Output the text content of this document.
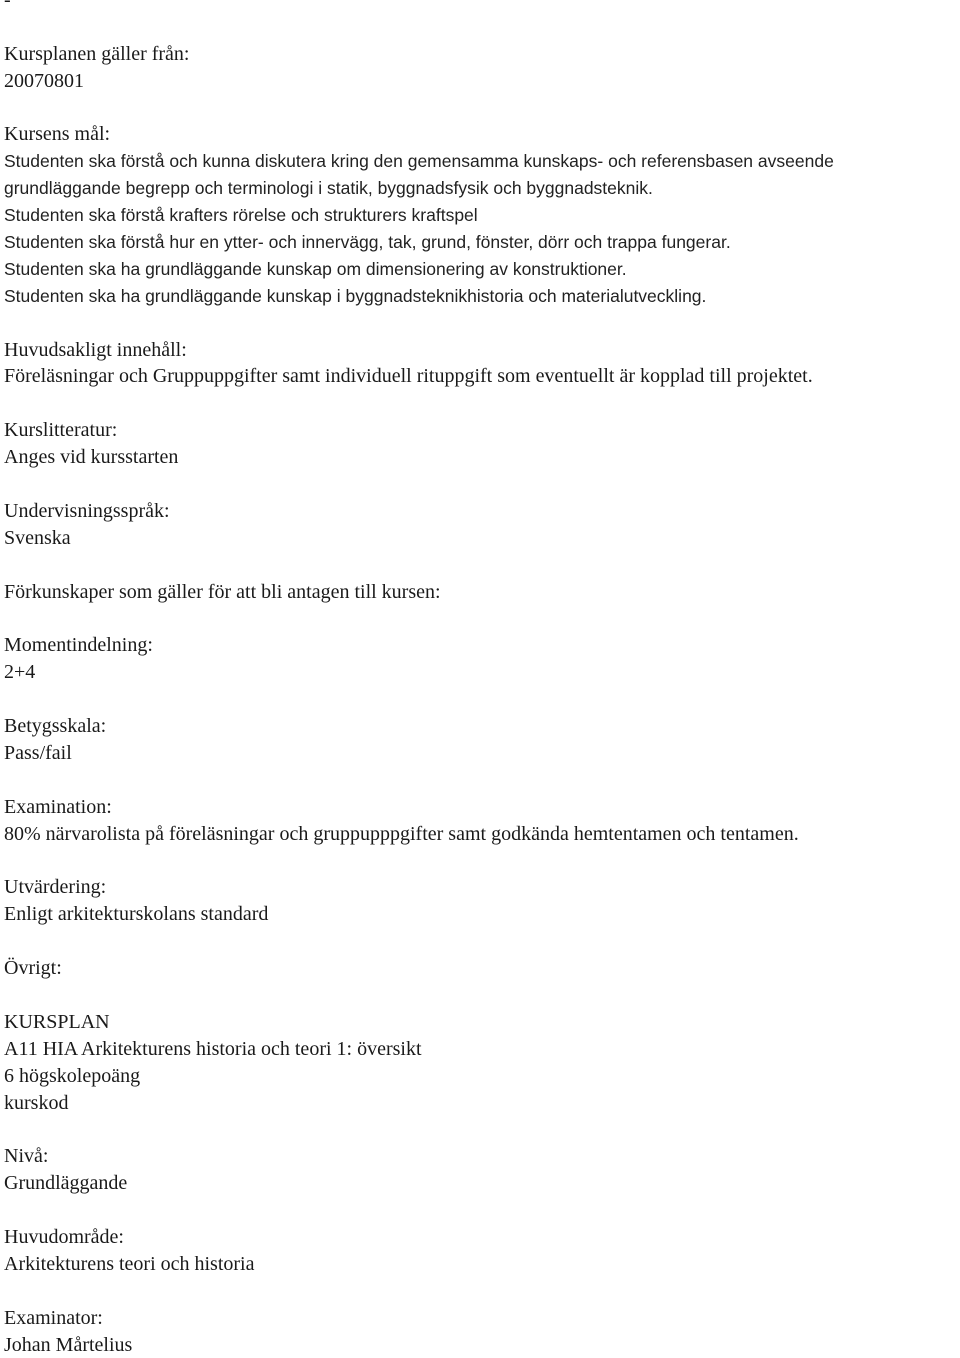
-
Kursplanen gäller från:
20070801
Kursens mål:
Studenten ska förstå och kunna diskutera kring den gemensamma kunskaps- och referensbasen avseende
grundläggande begrepp och terminologi i statik, byggnadsfysik och byggnadsteknik.
Studenten ska förstå krafters rörelse och strukturers kraftspel
Studenten ska förstå hur en ytter- och innervägg, tak, grund, fönster, dörr och trappa fungerar.
Studenten ska ha grundläggande kunskap om dimensionering av konstruktioner.
Studenten ska ha grundläggande kunskap i byggnadsteknikhistoria och materialutveckling.
Huvudsakligt innehåll:
Föreläsningar och Gruppuppgifter samt individuell rituppgift som eventuellt är kopplad till projektet.
Kurslitteratur:
Anges vid kursstarten
Undervisningsspråk:
Svenska
Förkunskaper som gäller för att bli antagen till kursen:
Momentindelning:
2+4
Betygsskala:
Pass/fail
Examination:
80% närvarolista på föreläsningar och gruppupppgifter samt godkända hemtentamen och tentamen.
Utvärdering:
Enligt arkitekturskolans standard
Övrigt:
KURSPLAN
A11 HIA Arkitekturens historia och teori 1: översikt
6 högskolepoäng
kurskod
Nivå:
Grundläggande
Huvudområde:
Arkitekturens teori och historia
Examinator:
Johan Mårtelius
